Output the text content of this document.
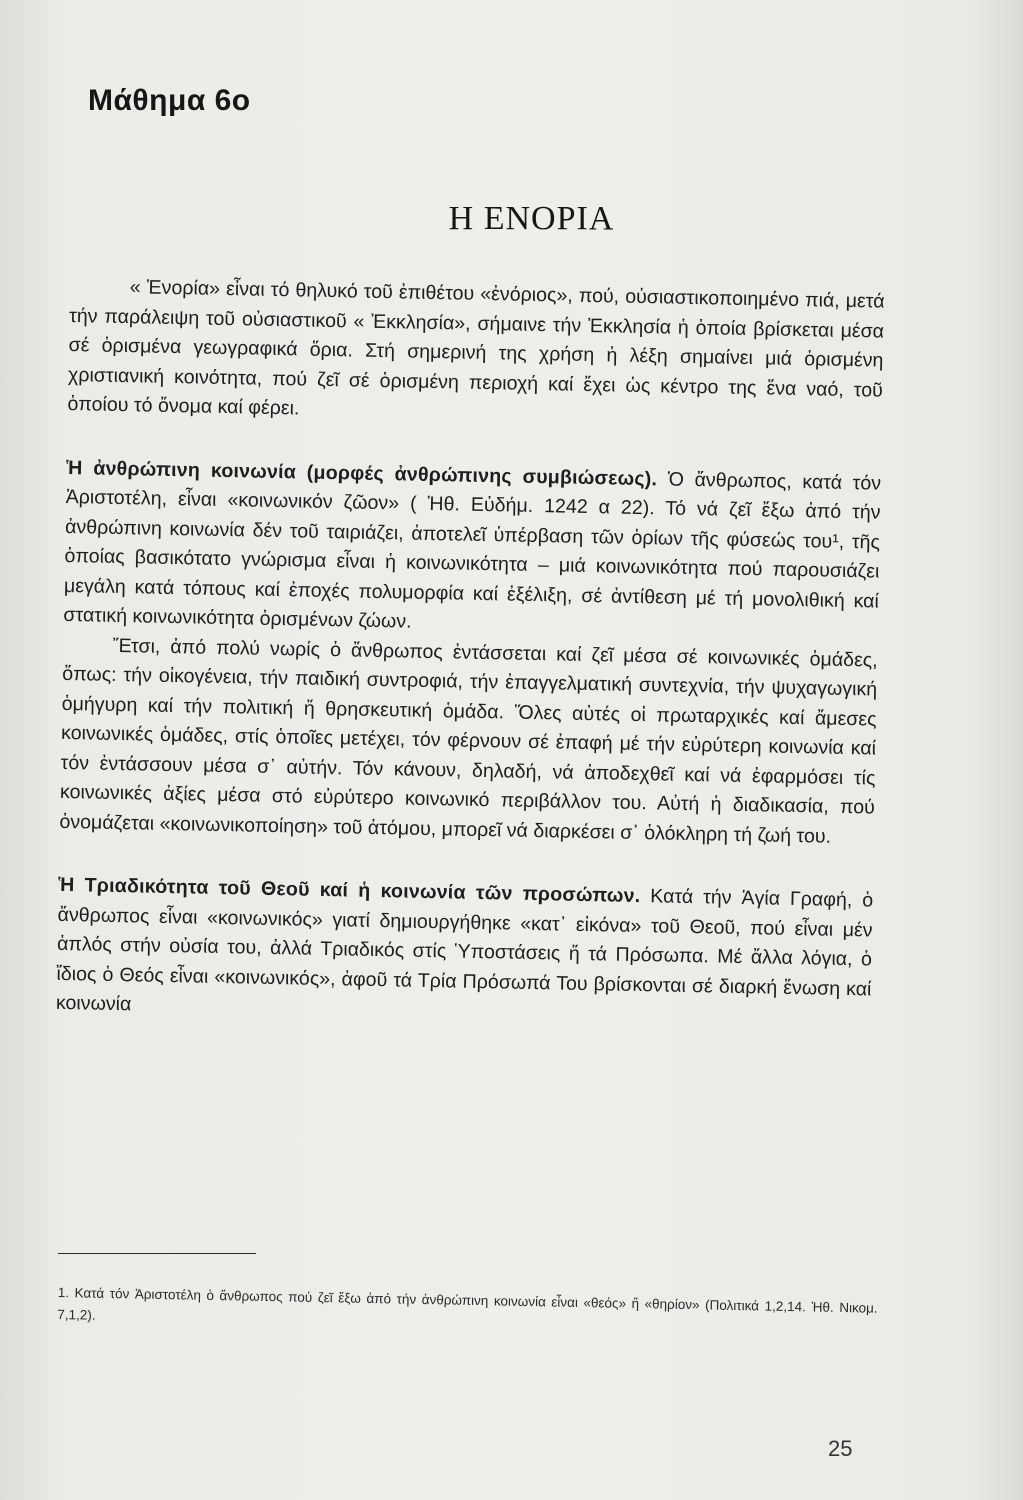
Μάθημα 6ο
Η ΕΝΟΡΙΑ

« Ἐνορία» εἶναι τό θηλυκό τοῦ ἐπιθέτου «ἐνόριος», πού, οὐσιαστικοποιημένο πιά, μετά τήν παράλειψη τοῦ οὐσιαστικοῦ « Ἐκκλησία», σήμαινε τήν Ἐκκλησία ἡ ὁποία βρίσκεται μέσα σέ ὁρισμένα γεωγραφικά ὅρια. Στή σημερινή της χρήση ἡ λέξη σημαίνει μιά ὁρισμένη χριστιανική κοινότητα, πού ζεῖ σέ ὁρισμένη περιοχή καί ἔχει ὡς κέντρο της ἕνα ναό, τοῦ ὁποίου τό ὄνομα καί φέρει.

Ἡ ἀνθρώπινη κοινωνία (μορφές ἀνθρώπινης συμβιώσεως). Ὁ ἄνθρωπος, κατά τόν Ἀριστοτέλη, εἶναι «κοινωνικόν ζῶον» ( Ἠθ. Εὐδήμ. 1242 α 22). Τό νά ζεῖ ἔξω ἀπό τήν ἀνθρώπινη κοινωνία δέν τοῦ ταιριάζει, ἀποτελεῖ ὑπέρβαση τῶν ὁρίων τῆς φύσεώς του¹, τῆς ὁποίας βασικότατο γνώρισμα εἶναι ἡ κοινωνικότητα – μιά κοινωνικότητα πού παρουσιάζει μεγάλη κατά τόπους καί ἐποχές πολυμορφία καί ἐξέλιξη, σέ ἀντίθεση μέ τή μονολιθική καί στατική κοινωνικότητα ὁρισμένων ζώων.

Ἔτσι, ἀπό πολύ νωρίς ὁ ἄνθρωπος ἐντάσσεται καί ζεῖ μέσα σέ κοινωνικές ὁμάδες, ὅπως: τήν οἰκογένεια, τήν παιδική συντροφιά, τήν ἐπαγγελματική συντεχνία, τήν ψυχαγωγική ὁμήγυρη καί τήν πολιτική ἤ θρησκευτική ὁμάδα. Ὅλες αὐτές οἱ πρωταρχικές καί ἄμεσες κοινωνικές ὁμάδες, στίς ὁποῖες μετέχει, τόν φέρνουν σέ ἐπαφή μέ τήν εὐρύτερη κοινωνία καί τόν ἐντάσσουν μέσα σ᾿ αὐτήν. Τόν κάνουν, δηλαδή, νά ἀποδεχθεῖ καί νά ἐφαρμόσει τίς κοινωνικές ἀξίες μέσα στό εὐρύτερο κοινωνικό περιβάλλον του. Αὐτή ἡ διαδικασία, πού ὀνομάζεται «κοινωνικοποίηση» τοῦ ἀτόμου, μπορεῖ νά διαρκέσει σ᾿ ὁλόκληρη τή ζωή του.

Ἡ Τριαδικότητα τοῦ Θεοῦ καί ἡ κοινωνία τῶν προσώπων. Κατά τήν Ἁγία Γραφή, ὁ ἄνθρωπος εἶναι «κοινωνικός» γιατί δημιουργήθηκε «κατ᾿ εἰκόνα» τοῦ Θεοῦ, πού εἶναι μέν ἁπλός στήν οὐσία του, ἀλλά Τριαδικός στίς Ὑποστάσεις ἤ τά Πρόσωπα. Μέ ἄλλα λόγια, ὁ ἴδιος ὁ Θεός εἶναι «κοινωνικός», ἀφοῦ τά Τρία Πρόσωπά Του βρίσκονται σέ διαρκή ἕνωση καί κοινωνία

1. Κατά τόν Ἀριστοτέλη ὁ ἄνθρωπος πού ζεῖ ἔξω ἀπό τήν ἀνθρώπινη κοινωνία εἶναι «θεός» ἤ «θηρίον» (Πολιτικά 1,2,14. Ἠθ. Νικομ. 7,1,2).
25
